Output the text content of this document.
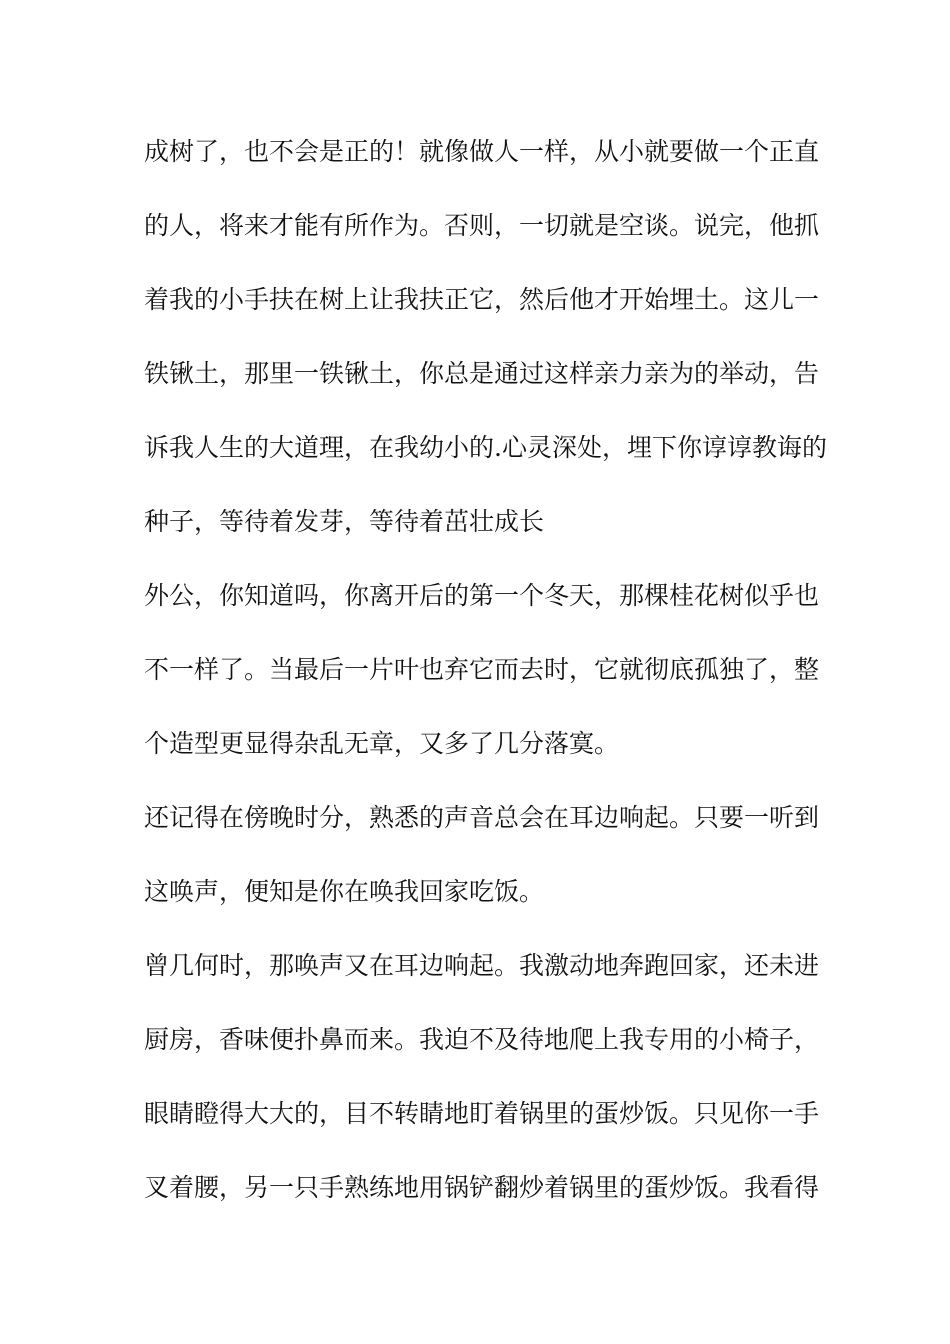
成树了，也不会是正的！就像做人一样，从小就要做一个正直

的人，将来才能有所作为。否则，一切就是空谈。说完，他抓

着我的小手扶在树上让我扶正它，然后他才开始埋土。这儿一

铁锹土，那里一铁锹土，你总是通过这样亲力亲为的举动，告

诉我人生的大道理，在我幼小的.心灵深处，埋下你谆谆教诲的

种子，等待着发芽，等待着茁壮成长

外公，你知道吗，你离开后的第一个冬天，那棵桂花树似乎也

不一样了。当最后一片叶也弃它而去时，它就彻底孤独了，整

个造型更显得杂乱无章，又多了几分落寞。

还记得在傍晚时分，熟悉的声音总会在耳边响起。只要一听到

这唤声，便知是你在唤我回家吃饭。

曾几何时，那唤声又在耳边响起。我激动地奔跑回家，还未进

厨房，香味便扑鼻而来。我迫不及待地爬上我专用的小椅子，

眼睛瞪得大大的，目不转睛地盯着锅里的蛋炒饭。只见你一手

叉着腰，另一只手熟练地用锅铲翻炒着锅里的蛋炒饭。我看得
